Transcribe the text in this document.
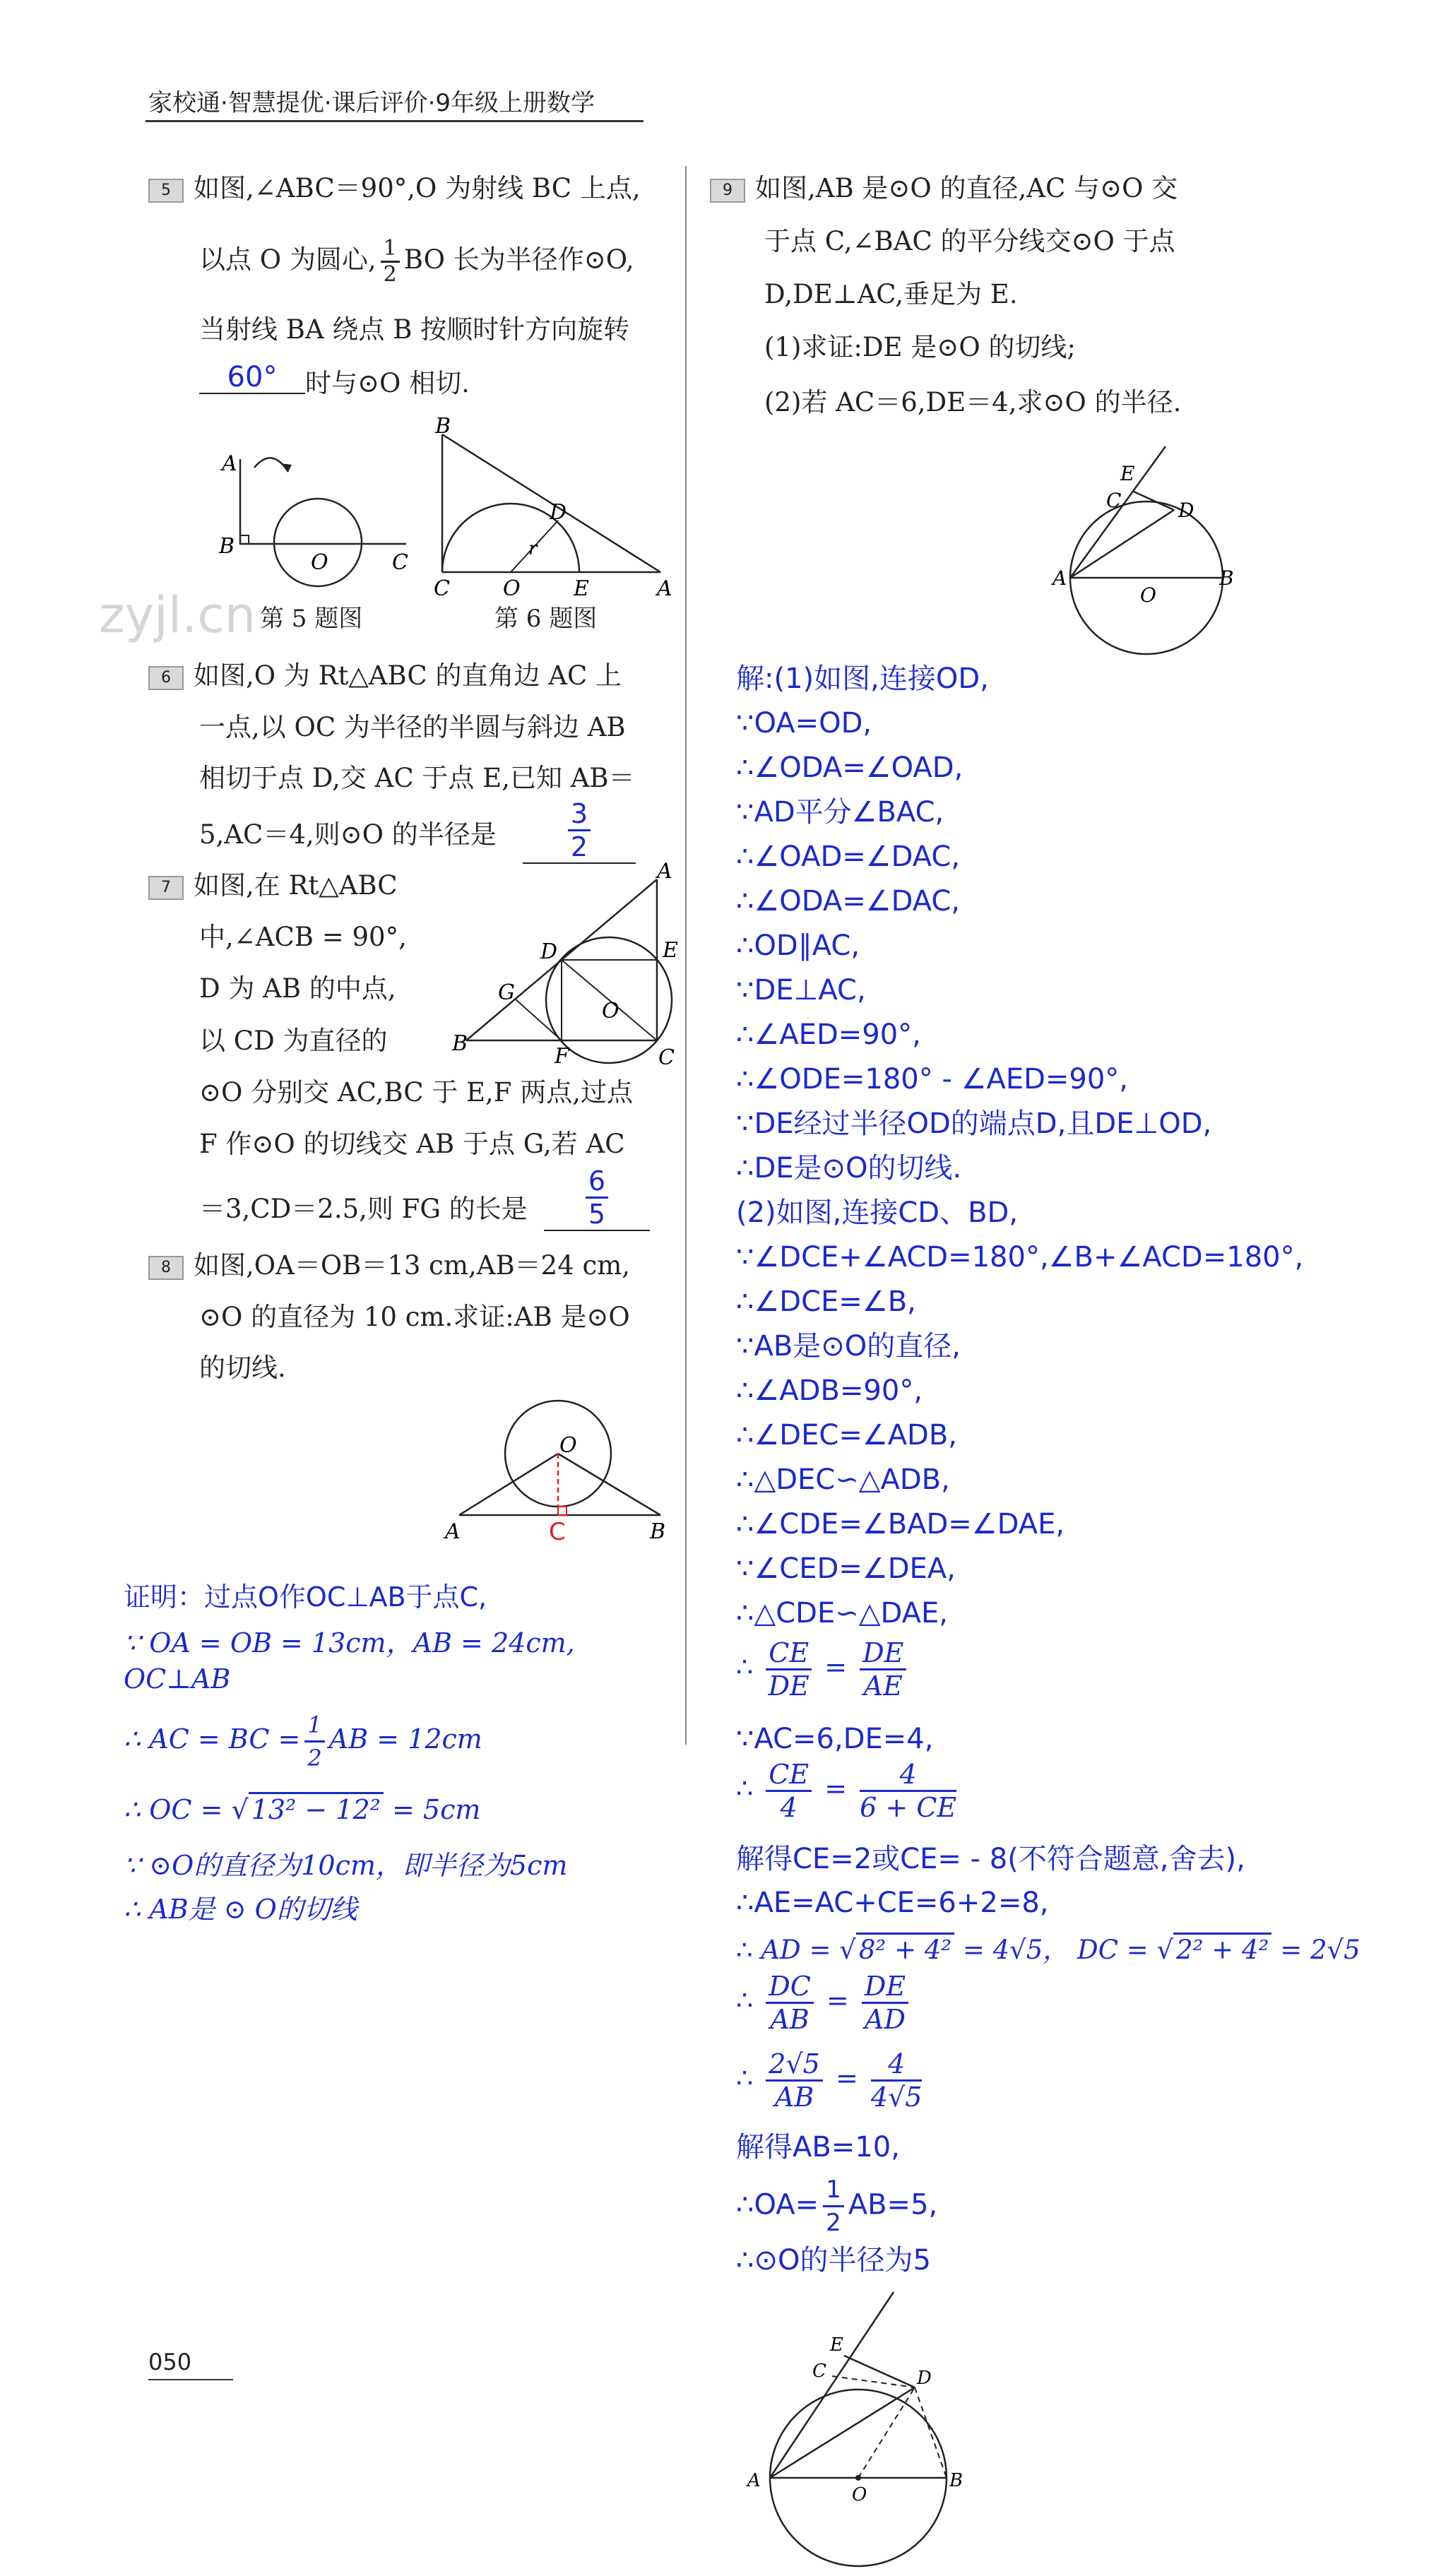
家校通·智慧提优·课后评价·9年级上册数学
zyjl.cn
5 如图,∠ABC＝90°,O 为射线 BC 上点,
以点 O 为圆心, $\frac{1}{2}$ BO 长为半径作⊙O,
当射线 BA 绕点 B 按顺时针方向旋转
60° 时与⊙O 相切.
A
B
O	C
第 5 题图
B
D
r
C	O	E	A
第 6 题图
6 如图,O 为 Rt△ABC 的直角边 AC 上
一点,以 OC 为半径的半圆与斜边 AB
相切于点 D,交 AC 于点 E,已知 AB＝
5,AC＝4,则⊙O 的半径是	$\frac{3}{2}$
7 如图,在 Rt△ABC
中,∠ACB = 90°,
D 为 AB 的中点,
以 CD 为直径的
⊙O 分别交 AC,BC 于 E,F 两点,过点
F 作⊙O 的切线交 AB 于点 G,若 AC
＝3,CD＝2.5,则 FG 的长是 $\frac{6}{5}$
A
D	E
G
O
B
F	C
8 如图,OA＝OB＝13 cm,AB＝24 cm,
⊙O 的直径为 10 cm.求证:AB 是⊙O
的切线.
O
A	B
C
证明：过点O作OC⊥AB于点C,
∵ OA = OB = 13cm，AB = 24cm,
OC⊥AB
∴ AC = BC = $\frac{1}{2}$ AB = 12cm
∴ OC = √ 13² − 12² = 5cm
∵ ⊙O的直径为10cm，即半径为5cm
∴ AB是 ⊙ O的切线
050
9 如图,AB 是⊙O 的直径,AC 与⊙O 交
于点 C,∠BAC 的平分线交⊙O 于点
D,DE⊥AC,垂足为 E.
(1)求证:DE 是⊙O 的切线;
(2)若 AC＝6,DE＝4,求⊙O 的半径.
E
C	D
A
O
B
解:(1)如图,连接OD,
∵OA=OD,
∴∠ODA=∠OAD,
∵AD平分∠BAC,
∴∠OAD=∠DAC,
∴∠ODA=∠DAC,
∴OD∥AC,
∵DE⊥AC,
∴∠AED=90°,
∴∠ODE=180° - ∠AED=90°,
∵DE经过半径OD的端点D,且DE⊥OD,
∴DE是⊙O的切线.
(2)如图,连接CD、BD,
∵∠DCE+∠ACD=180°,∠B+∠ACD=180°,
∴∠DCE=∠B,
∵AB是⊙O的直径,
∴∠ADB=90°,
∴∠DEC=∠ADB,
∴△DEC∽△ADB,
∴∠CDE=∠BAD=∠DAE,
∵∠CED=∠DEA,
∴△CDE∽△DAE,
∴ $\frac{CE}{DE} = \frac{DE}{AE}$
∵AC=6,DE=4,
∴ $\frac{CE}{4} = \frac{4}{6 + CE}$
解得CE=2或CE= - 8(不符合题意,舍去),
∴AE=AC+CE=6+2=8,
∴ AD = √ 8² + 4² = 4√5， DC = √ 2² + 4² = 2√5
∴ $\frac{DC}{AB} = \frac{DE}{AD}$
∴ $\frac{2√5}{AB} = \frac{4}{4√5}$
解得AB=10,
∴OA= $\frac{1}{2} AB=5$,
∴⊙O的半径为5
E
C	D
A
O
B
